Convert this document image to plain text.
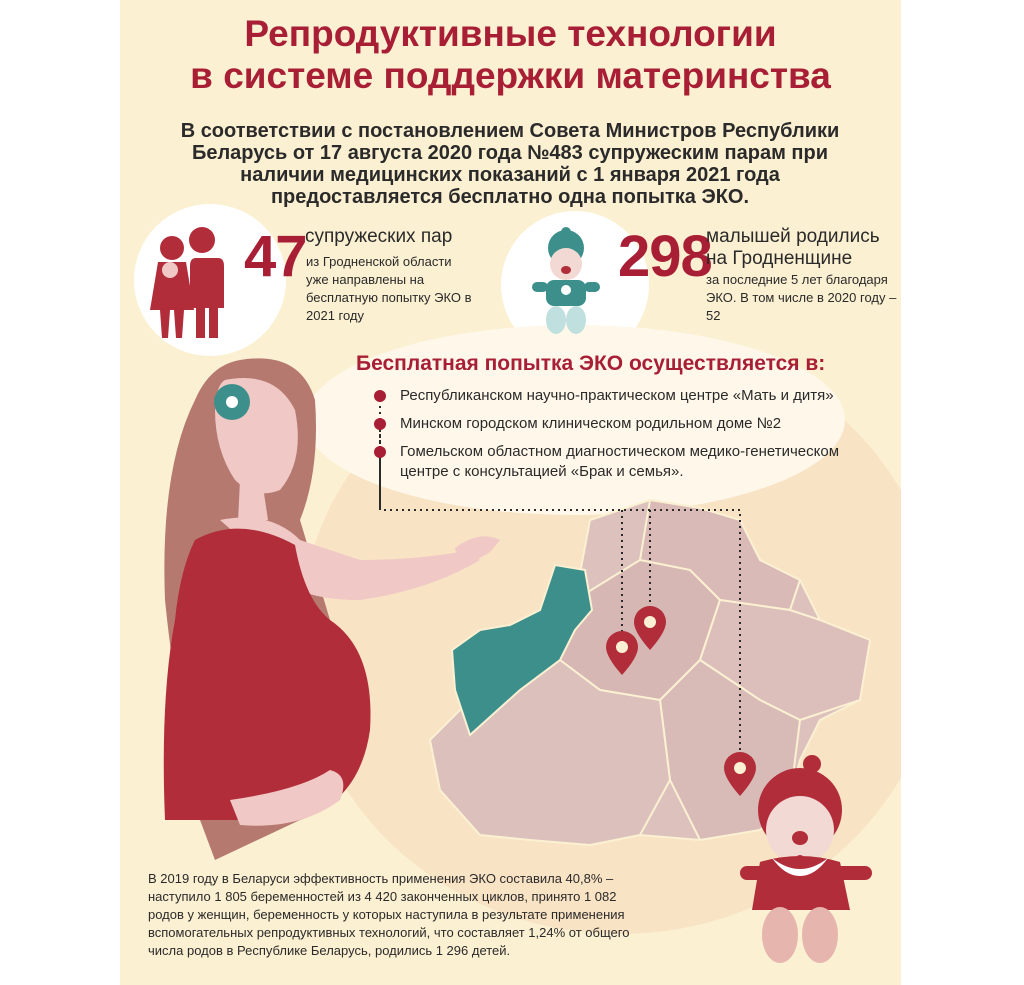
Репродуктивные технологии
в системе поддержки материнства

В соответствии с постановлением Совета Министров Республики Беларусь от 17 августа 2020 года №483 супружеским парам при наличии медицинских показаний с 1 января 2021 года предоставляется бесплатно одна попытка ЭКО.

47
супружеских пар
из Гродненской области уже направлены на бесплатную попытку ЭКО в 2021 году
298
малышей родились на Гродненщине
за последние 5 лет благодаря ЭКО. В том числе в 2020 году – 52
Бесплатная попытка ЭКО осуществляется в:
Республиканском научно-практическом центре «Мать и дитя»
Минском городском клиническом родильном доме №2
Гомельском областном диагностическом медико-генетическом центре с консультацией «Брак и семья».

В 2019 году в Беларуси эффективность применения ЭКО составила 40,8% – наступило 1 805 беременностей из 4 420 законченных циклов, принято 1 082 родов у женщин, беременность у которых наступила в результате применения вспомогательных репродуктивных технологий, что составляет 1,24% от общего числа родов в Республике Беларусь, родились 1 296 детей.
